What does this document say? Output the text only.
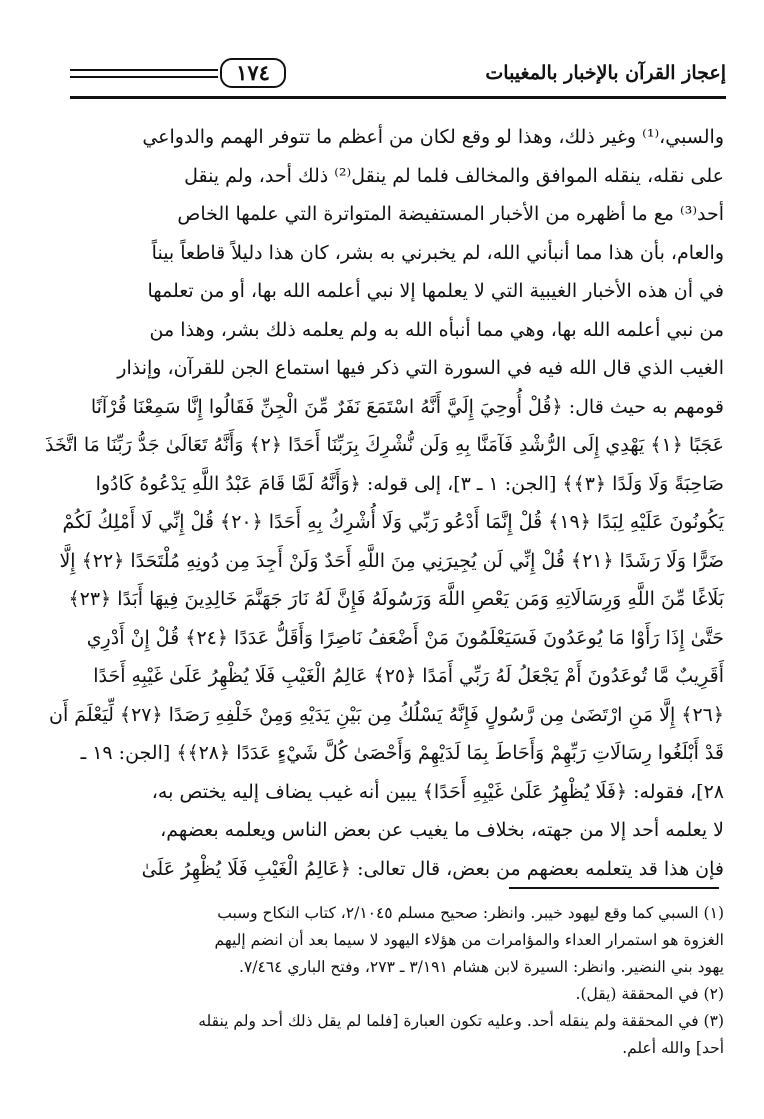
إعجاز القرآن بالإخبار بالمغيبات
١٧٤
والسبي،⁽¹⁾ وغير ذلك، وهذا لو وقع لكان من أعظم ما تتوفر الهمم والدواعي
على نقله، ينقله الموافق والمخالف فلما لم ينقل⁽²⁾ ذلك أحد، ولم ينقل
أحد⁽³⁾ مع ما أظهره من الأخبار المستفيضة المتواترة التي علمها الخاص
والعام، بأن هذا مما أنبأني الله، لم يخبرني به بشر، كان هذا دليلاً قاطعاً بيناً
في أن هذه الأخبار الغيبية التي لا يعلمها إلا نبي أعلمه الله بها، أو من تعلمها
من نبي أعلمه الله بها، وهي مما أنبأه الله به ولم يعلمه ذلك بشر، وهذا من
الغيب الذي قال الله فيه في السورة التي ذكر فيها استماع الجن للقرآن، وإنذار
قومهم به حيث قال: ﴿قُلْ أُوحِيَ إِلَيَّ أَنَّهُ اسْتَمَعَ نَفَرٌ مِّنَ الْجِنِّ فَقَالُوا إِنَّا سَمِعْنَا قُرْآنًا
عَجَبًا ﴿١﴾ يَهْدِي إِلَى الرُّشْدِ فَآمَنَّا بِهِ وَلَن نُّشْرِكَ بِرَبِّنَا أَحَدًا ﴿٢﴾ وَأَنَّهُ تَعَالَىٰ جَدُّ رَبِّنَا مَا اتَّخَذَ
صَاحِبَةً وَلَا وَلَدًا ﴿٣﴾﴾ [الجن: ١ ـ ٣]، إلى قوله: ﴿وَأَنَّهُ لَمَّا قَامَ عَبْدُ اللَّهِ يَدْعُوهُ كَادُوا
يَكُونُونَ عَلَيْهِ لِبَدًا ﴿١٩﴾ قُلْ إِنَّمَا أَدْعُو رَبِّي وَلَا أُشْرِكُ بِهِ أَحَدًا ﴿٢٠﴾ قُلْ إِنِّي لَا أَمْلِكُ لَكُمْ
ضَرًّا وَلَا رَشَدًا ﴿٢١﴾ قُلْ إِنِّي لَن يُجِيرَنِي مِنَ اللَّهِ أَحَدٌ وَلَنْ أَجِدَ مِن دُونِهِ مُلْتَحَدًا ﴿٢٢﴾ إِلَّا
بَلَاغًا مِّنَ اللَّهِ وَرِسَالَاتِهِ وَمَن يَعْصِ اللَّهَ وَرَسُولَهُ فَإِنَّ لَهُ نَارَ جَهَنَّمَ خَالِدِينَ فِيهَا أَبَدًا ﴿٢٣﴾
حَتَّىٰ إِذَا رَأَوْا مَا يُوعَدُونَ فَسَيَعْلَمُونَ مَنْ أَضْعَفُ نَاصِرًا وَأَقَلُّ عَدَدًا ﴿٢٤﴾ قُلْ إِنْ أَدْرِي
أَقَرِيبٌ مَّا تُوعَدُونَ أَمْ يَجْعَلُ لَهُ رَبِّي أَمَدًا ﴿٢٥﴾ عَالِمُ الْغَيْبِ فَلَا يُظْهِرُ عَلَىٰ غَيْبِهِ أَحَدًا
﴿٢٦﴾ إِلَّا مَنِ ارْتَضَىٰ مِن رَّسُولٍ فَإِنَّهُ يَسْلُكُ مِن بَيْنِ يَدَيْهِ وَمِنْ خَلْفِهِ رَصَدًا ﴿٢٧﴾ لِّيَعْلَمَ أَن
قَدْ أَبْلَغُوا رِسَالَاتِ رَبِّهِمْ وَأَحَاطَ بِمَا لَدَيْهِمْ وَأَحْصَىٰ كُلَّ شَيْءٍ عَدَدًا ﴿٢٨﴾﴾ [الجن: ١٩ ـ
٢٨]، فقوله: ﴿فَلَا يُظْهِرُ عَلَىٰ غَيْبِهِ أَحَدًا﴾ يبين أنه غيب يضاف إليه يختص به،
لا يعلمه أحد إلا من جهته، بخلاف ما يغيب عن بعض الناس ويعلمه بعضهم،
فإن هذا قد يتعلمه بعضهم من بعض، قال تعالى: ﴿عَالِمُ الْغَيْبِ فَلَا يُظْهِرُ عَلَىٰ
(١) السبي كما وقع ليهود خيبر. وانظر: صحيح مسلم ٢/١٠٤٥، كتاب النكاح وسبب
الغزوة هو استمرار العداء والمؤامرات من هؤلاء اليهود لا سيما بعد أن انضم إليهم
يهود بني النضير. وانظر: السيرة لابن هشام ٣/١٩١ ـ ٢٧٣، وفتح الباري ٧/٤٦٤.
(٢) في المحققة (يقل).
(٣) في المحققة ولم ينقله أحد. وعليه تكون العبارة [فلما لم يقل ذلك أحد ولم ينقله
أحد] والله أعلم.
